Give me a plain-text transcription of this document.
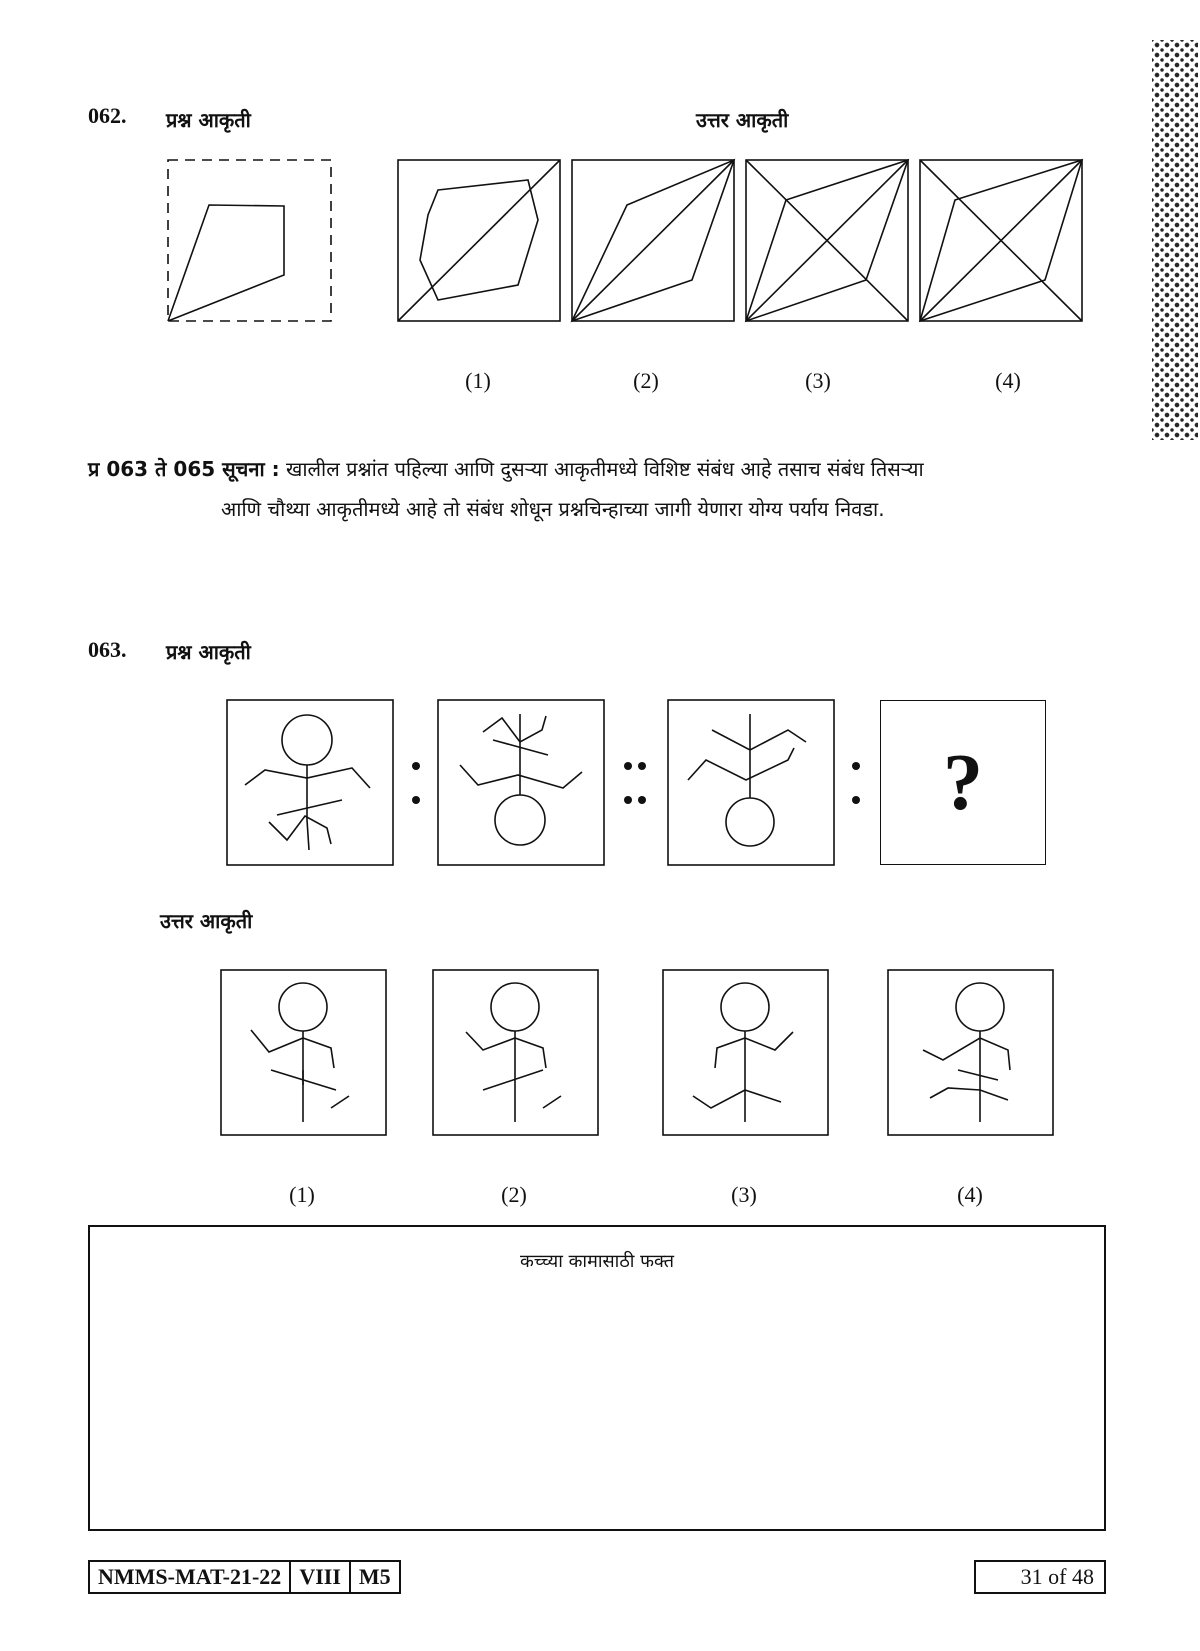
062. प्रश्न आकृती	उत्तर आकृती
(1)	(2)	(3)	(4)
प्र 063 ते 065 सूचना : खालील प्रश्नांत पहिल्या आणि दुसऱ्या आकृतीमध्ये विशिष्ट संबंध आहे तसाच संबंध तिसऱ्या
आणि चौथ्या आकृतीमध्ये आहे तो संबंध शोधून प्रश्नचिन्हाच्या जागी येणारा योग्य पर्याय निवडा.
063. प्रश्न आकृती
?
उत्तर आकृती
(1)	(2)	(3)	(4)
कच्च्या कामासाठी फक्त
NMMS-MAT-21-22 VIII M5	31 of 48
